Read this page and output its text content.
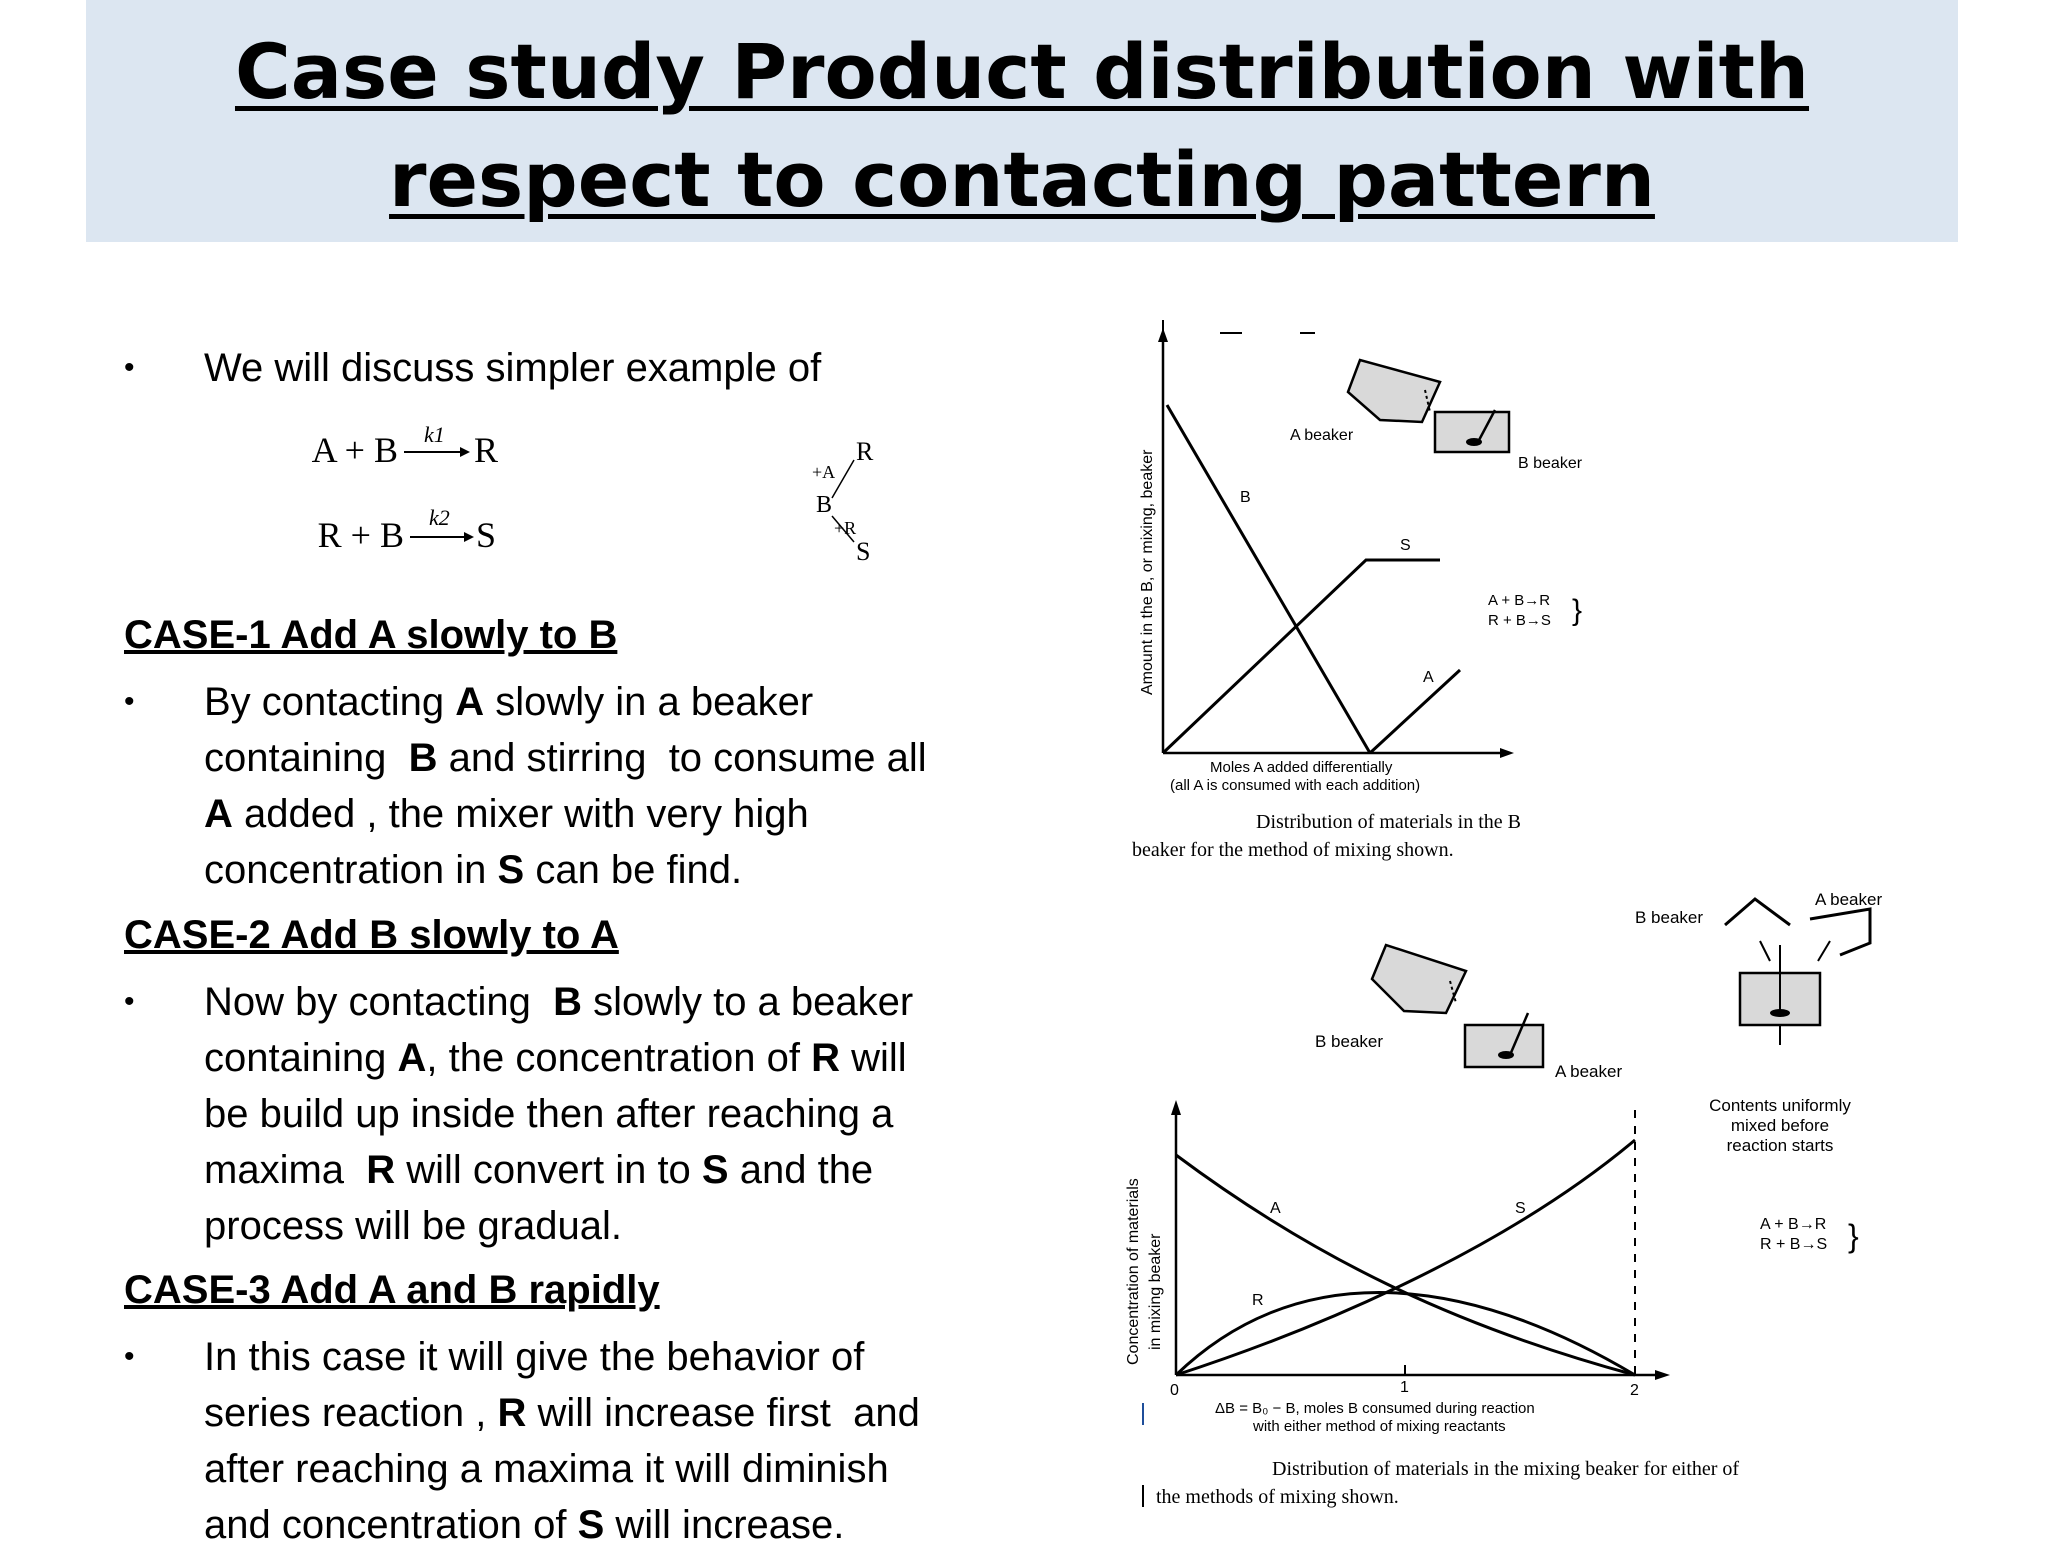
Case study Product distribution with respect to contacting pattern
• We will discuss simpler example of
A + B k1 R
R + B k2 S
R
S
B
+A
+R
CASE-1 Add A slowly to B
• By contacting A slowly in a beaker
containing  B and stirring  to consume all
A added , the mixer with very high
concentration in S can be find.
CASE-2 Add B slowly to A
• Now by contacting  B slowly to a beaker
containing A, the concentration of R will
be build up inside then after reaching a
maxima  R will convert in to S and the
process will be gradual.
CASE-3 Add A and B rapidly
• In this case it will give the behavior of
series reaction , R will increase first  and
after reaching a maxima it will diminish
and concentration of S will increase.
Amount in the B, or mixing, beaker	B
S
A
A beaker
B beaker
A + B→R
R + B→S }
Moles A added differentially
(all A is consumed with each addition)
Distribution of materials in the B
beaker for the method of mixing shown.
Concentration of materials in mixing beaker
A	S
R
0	1	2
ΔB = B₀ − B, moles B consumed during reaction
with either method of mixing reactants
Distribution of materials in the mixing beaker for either of
the methods of mixing shown.
B beaker
A beaker
B beaker
A beaker
Contents uniformly
mixed before
reaction starts
A + B→R
R + B→S }
